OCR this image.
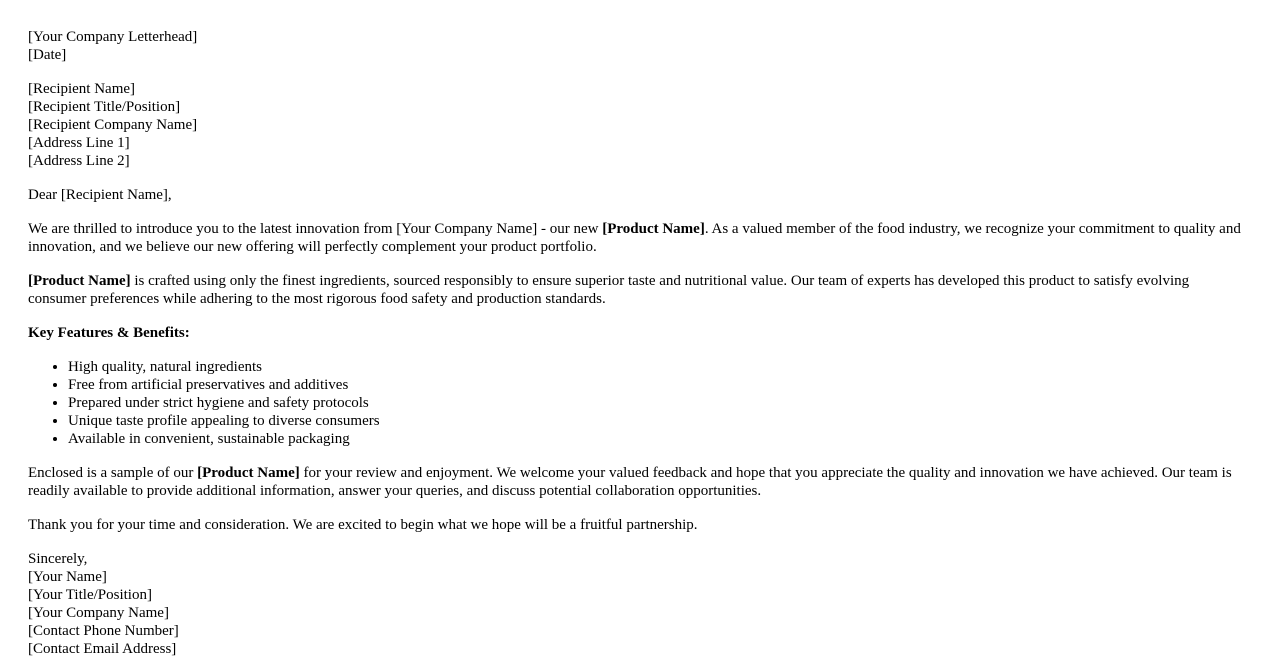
[Your Company Letterhead]
[Date]
[Recipient Name]
[Recipient Title/Position]
[Recipient Company Name]
[Address Line 1]
[Address Line 2]

Dear [Recipient Name],

We are thrilled to introduce you to the latest innovation from [Your Company Name] - our new [Product Name]. As a valued member of the food industry, we recognize your commitment to quality and innovation, and we believe our new offering will perfectly complement your product portfolio.

[Product Name] is crafted using only the finest ingredients, sourced responsibly to ensure superior taste and nutritional value. Our team of experts has developed this product to satisfy evolving consumer preferences while adhering to the most rigorous food safety and production standards.

Key Features & Benefits:
• High quality, natural ingredients
• Free from artificial preservatives and additives
• Prepared under strict hygiene and safety protocols
• Unique taste profile appealing to diverse consumers
• Available in convenient, sustainable packaging

Enclosed is a sample of our [Product Name] for your review and enjoyment. We welcome your valued feedback and hope that you appreciate the quality and innovation we have achieved. Our team is readily available to provide additional information, answer your queries, and discuss potential collaboration opportunities.

Thank you for your time and consideration. We are excited to begin what we hope will be a fruitful partnership.

Sincerely,
[Your Name]
[Your Title/Position]
[Your Company Name]
[Contact Phone Number]
[Contact Email Address]
